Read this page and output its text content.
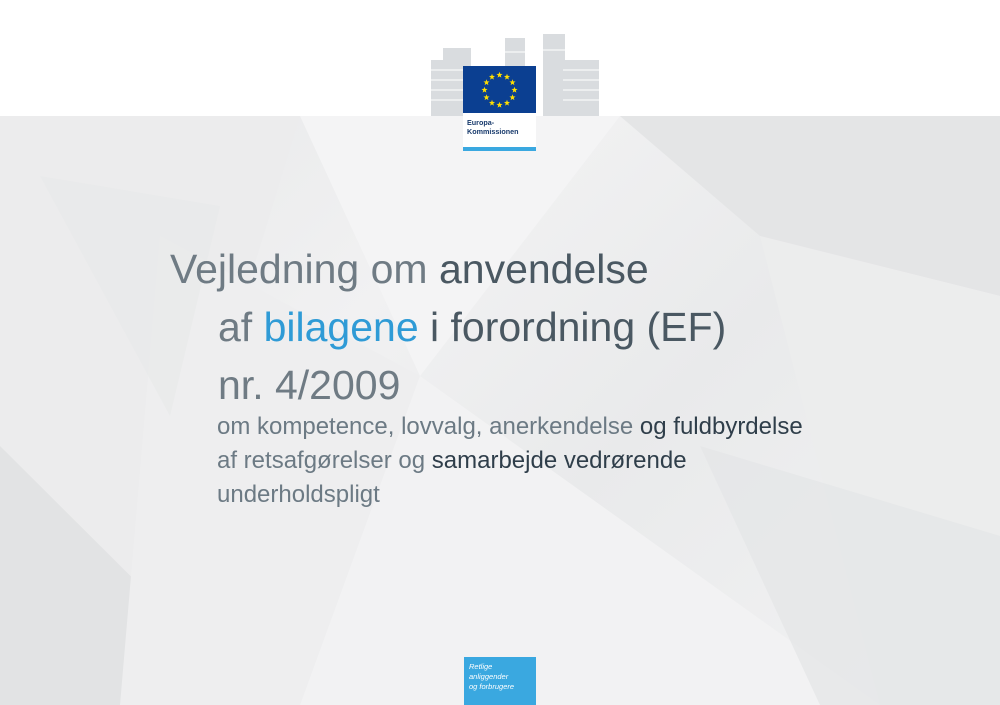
Europa-
Kommissionen
Vejledning om anvendelse
af bilagene i forordning (EF)
nr. 4/2009
om kompetence, lovvalg, anerkendelse og fuldbyrdelse
af retsafgørelser og samarbejde vedrørende
underholdspligt
Retlige
anliggender
og forbrugere
